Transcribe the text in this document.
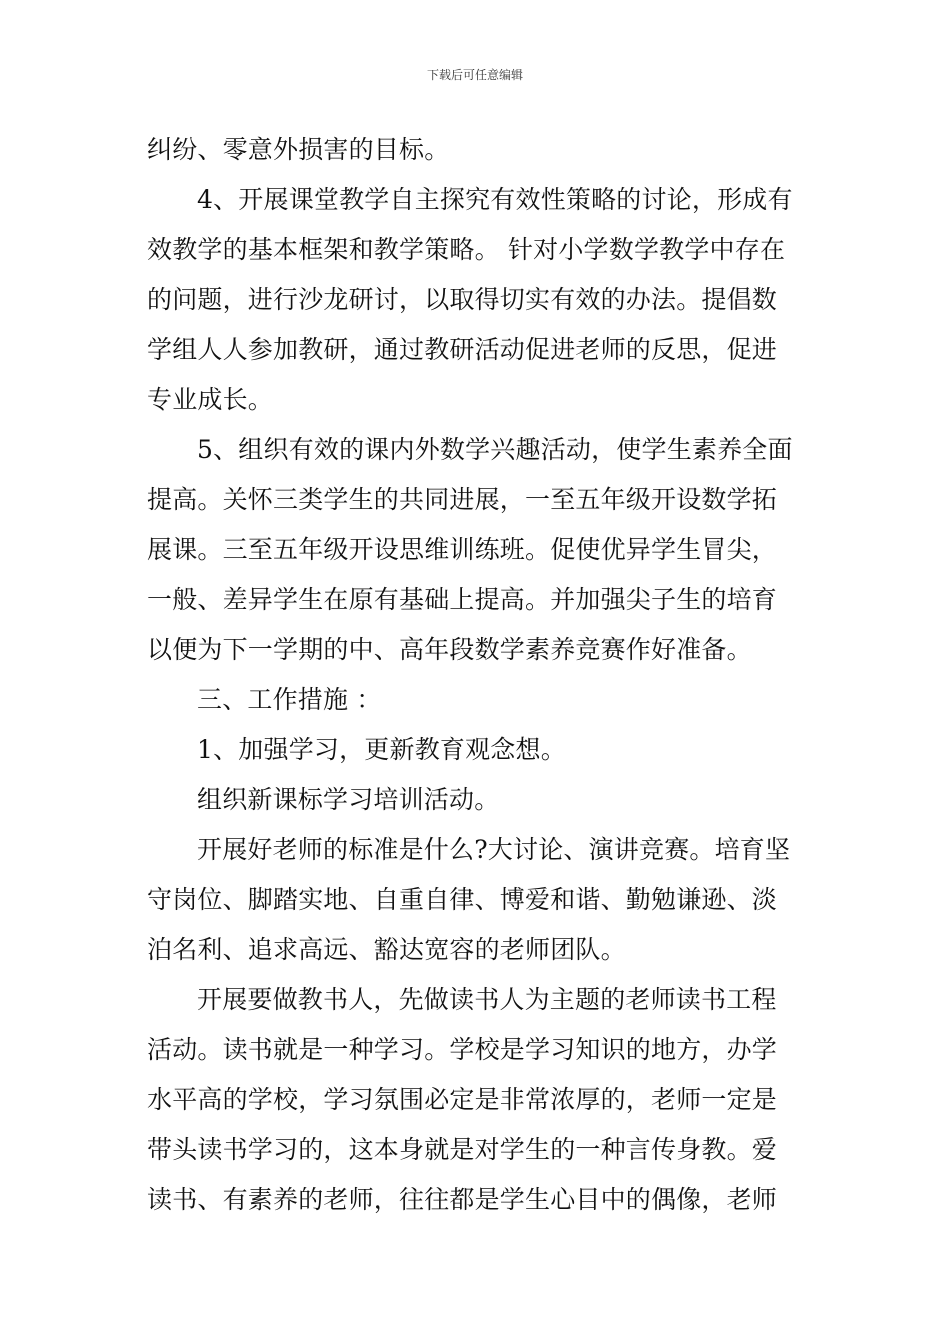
下载后可任意编辑
纠纷、零意外损害的目标。
4、开展课堂教学自主探究有效性策略的讨论，形成有
效教学的基本框架和教学策略。 针对小学数学教学中存在
的问题，进行沙龙研讨，以取得切实有效的办法。提倡数
学组人人参加教研，通过教研活动促进老师的反思，促进
专业成长。
5、组织有效的课内外数学兴趣活动，使学生素养全面
提高。关怀三类学生的共同进展，一至五年级开设数学拓
展课。三至五年级开设思维训练班。促使优异学生冒尖，
一般、差异学生在原有基础上提高。并加强尖子生的培育
以便为下一学期的中、高年段数学素养竞赛作好准备。
三、工作措施 ：
1、加强学习，更新教育观念想。
组织新课标学习培训活动。
开展好老师的标准是什么?大讨论、演讲竞赛。培育坚
守岗位、脚踏实地、自重自律、博爱和谐、勤勉谦逊、淡
泊名利、追求高远、豁达宽容的老师团队。
开展要做教书人，先做读书人为主题的老师读书工程
活动。读书就是一种学习。学校是学习知识的地方，办学
水平高的学校，学习氛围必定是非常浓厚的，老师一定是
带头读书学习的，这本身就是对学生的一种言传身教。爱
读书、有素养的老师，往往都是学生心目中的偶像，老师
